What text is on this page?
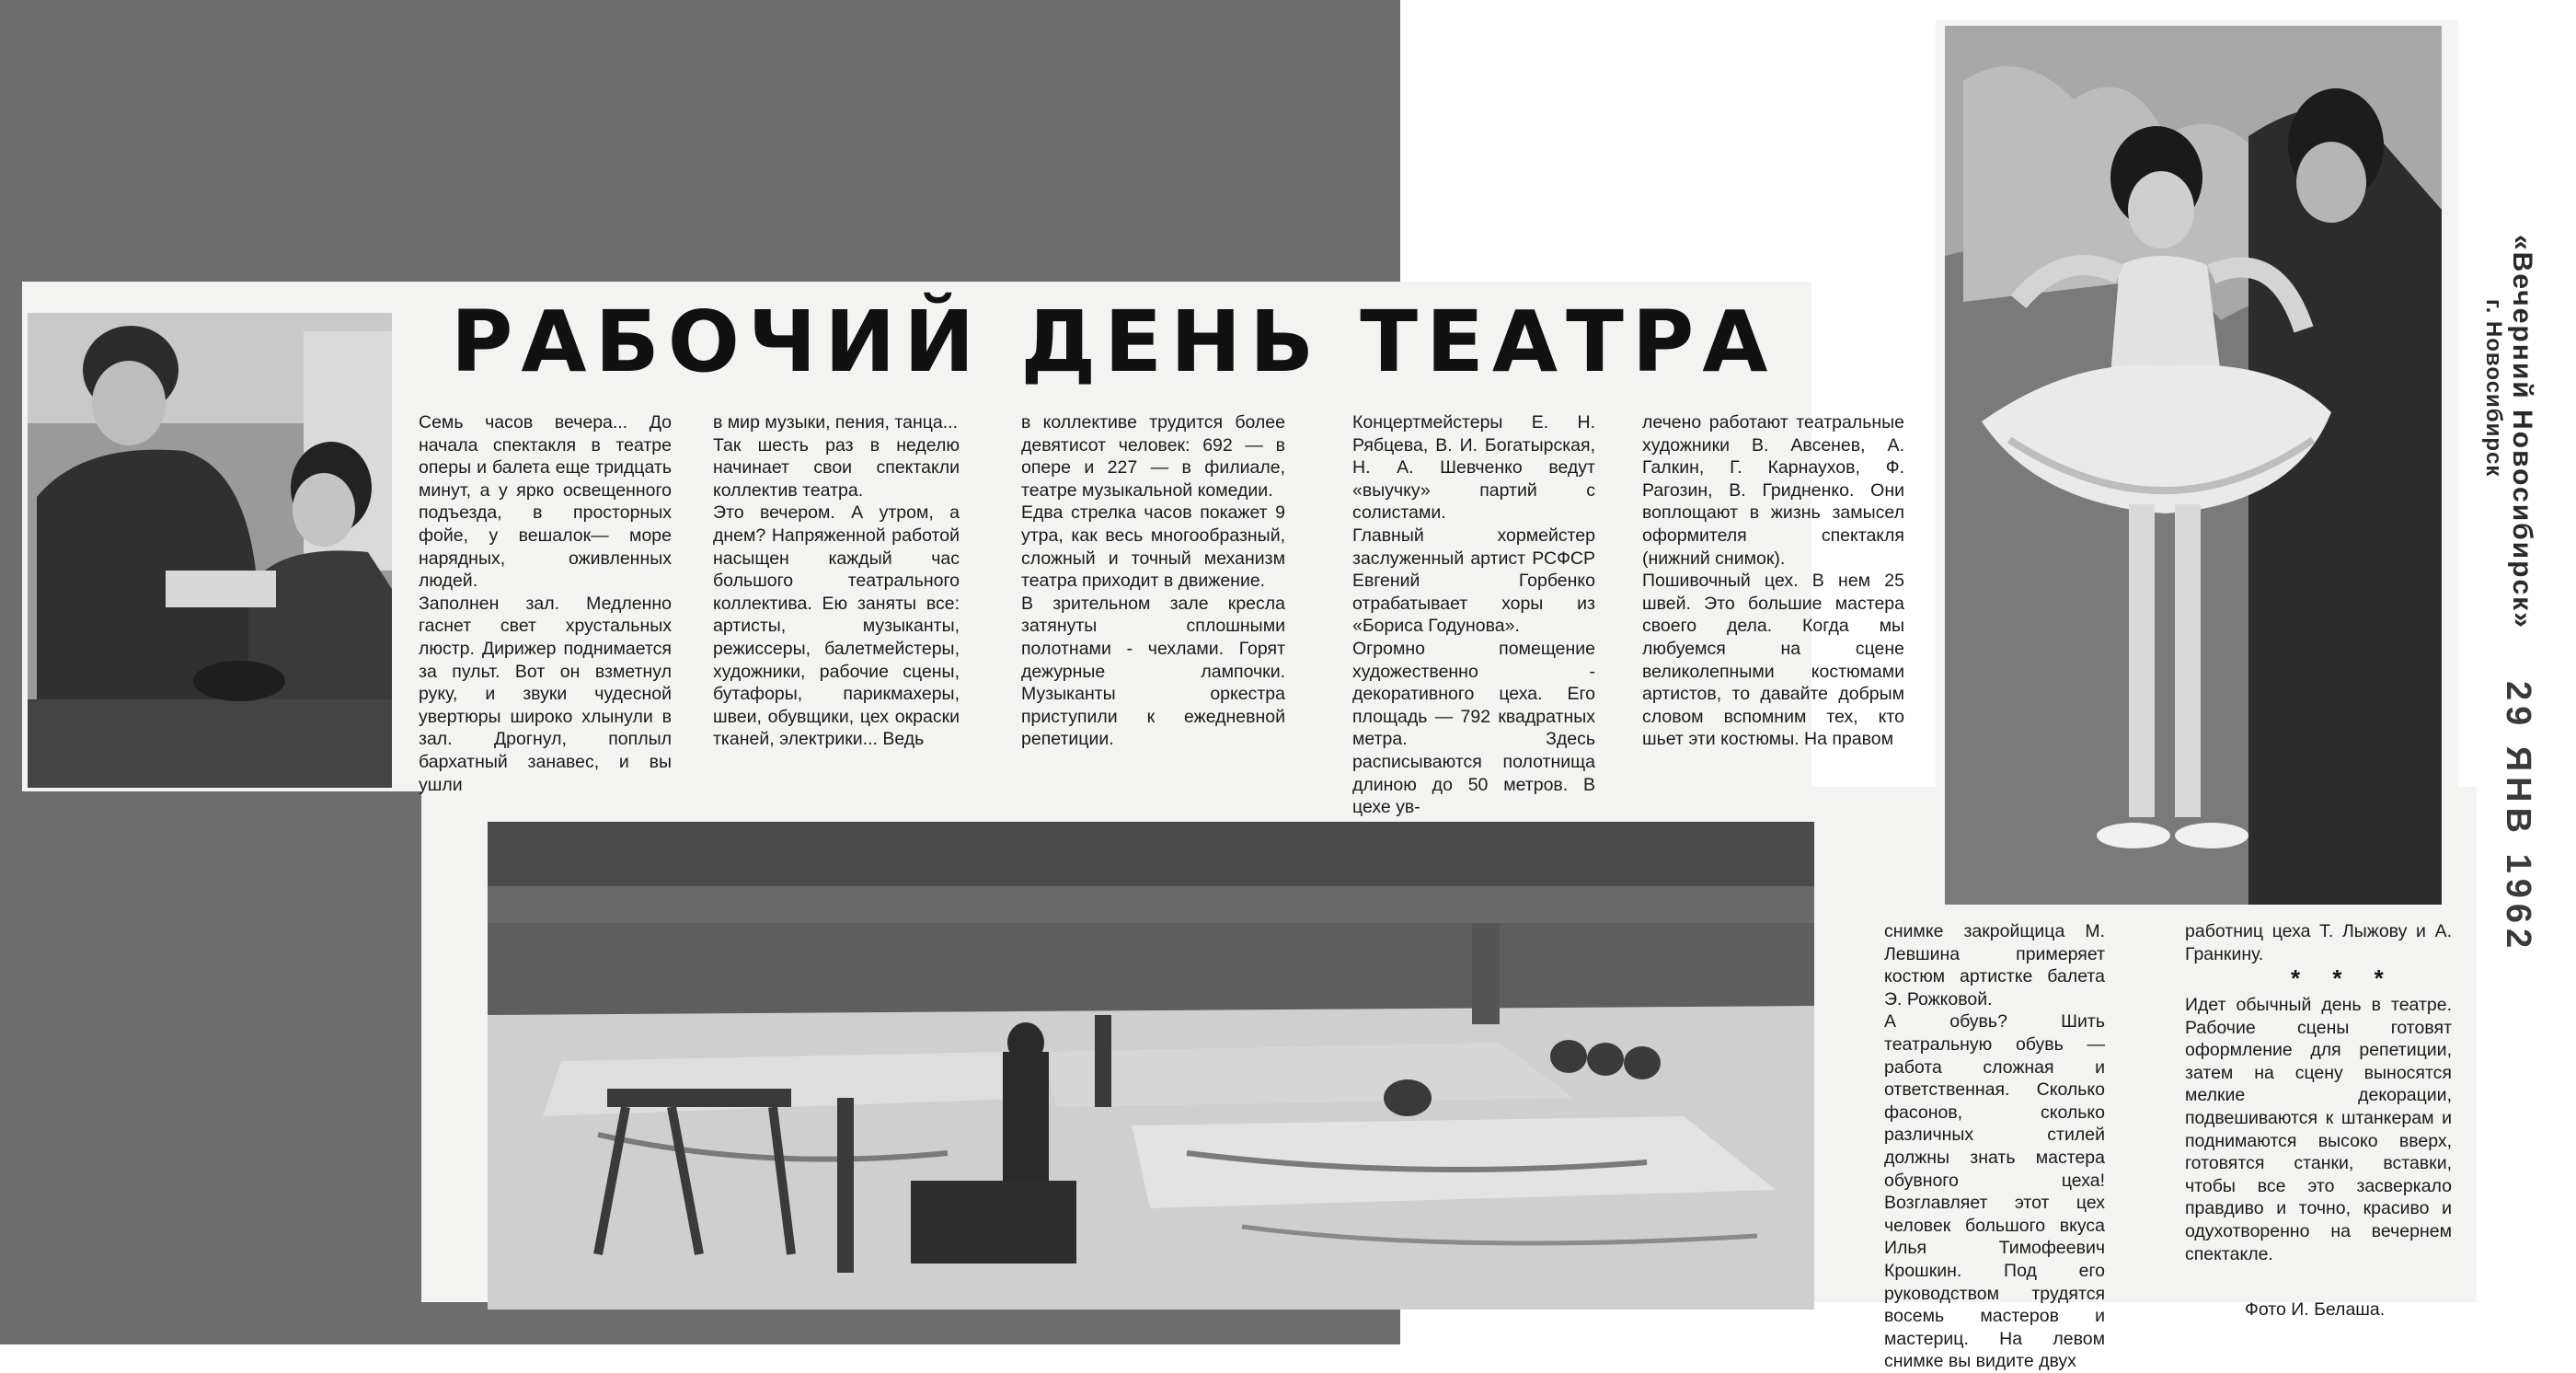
РАБОЧИЙ ДЕНЬ ТЕАТРА
Семь часов вечера... До начала спектакля в театре оперы и балета еще тридцать минут, а у ярко освещенного подъезда, в просторных фойе, у вешалок— море нарядных, оживленных людей.
Заполнен зал. Медленно гаснет свет хрустальных люстр. Дирижер поднимается за пульт. Вот он взметнул руку, и звуки чудесной увертюры широко хлынули в зал. Дрогнул, поплыл бархатный занавес, и вы ушли
в мир музыки, пения, танца...
Так шесть раз в неделю начинает свои спектакли коллектив театра.
Это вечером. А утром, а днем? Напряженной работой насыщен каждый час большого театрального коллектива. Ею заняты все: артисты, музыканты, режиссеры, балетмейстеры, художники, рабочие сцены, бутафоры, парикмахеры, швеи, обувщики, цех окраски тканей, электрики... Ведь
в коллективе трудится более девятисот человек: 692 — в опере и 227 — в филиале, театре музыкальной комедии.
Едва стрелка часов покажет 9 утра, как весь многообразный, сложный и точный механизм театра приходит в движение.
В зрительном зале кресла затянуты сплошными полотнами - чехлами. Горят дежурные лампочки. Музыканты оркестра приступили к ежедневной репетиции.
Концертмейстеры Е. Н. Рябцева, В. И. Богатырская, Н. А. Шевченко ведут «выучку» партий с солистами.
Главный хормейстер заслуженный артист РСФСР Евгений Горбенко отрабатывает хоры из «Бориса Годунова».
Огромно помещение художественно - декоративного цеха. Его площадь — 792 квадратных метра. Здесь расписываются полотнища длиною до 50 метров. В цехе ув-
лечено работают театральные художники В. Авсенев, А. Галкин, Г. Карнаухов, Ф. Рагозин, В. Гридненко. Они воплощают в жизнь замысел оформителя спектакля (нижний снимок).
Пошивочный цех. В нем 25 швей. Это большие мастера своего дела. Когда мы любуемся на сцене великолепными костюмами артистов, то давайте добрым словом вспомним тех, кто шьет эти костюмы. На правом
снимке закройщица М. Левшина примеряет костюм артистке балета Э. Рожковой.
А обувь? Шить театральную обувь — работа сложная и ответственная. Сколько фасонов, сколько различных стилей должны знать мастера обувного цеха! Возглавляет этот цех человек большого вкуса Илья Тимофеевич Крошкин. Под его руководством трудятся восемь мастеров и мастериц. На левом снимке вы видите двух
работниц цеха Т. Лыжову и А. Гранкину.
* * *
Идет обычный день в театре. Рабочие сцены готовят оформление для репетиции, затем на сцену выносятся мелкие декорации, подвешиваются к штанкерам и поднимаются высоко вверх, готовятся станки, вставки, чтобы все это засверкало правдиво и точно, красиво и одухотворенно на вечернем спектакле.
Фото И. Белаша.
«Вечерний Новосибирск»
г. Новосибирск
29 ЯНВ 1962
